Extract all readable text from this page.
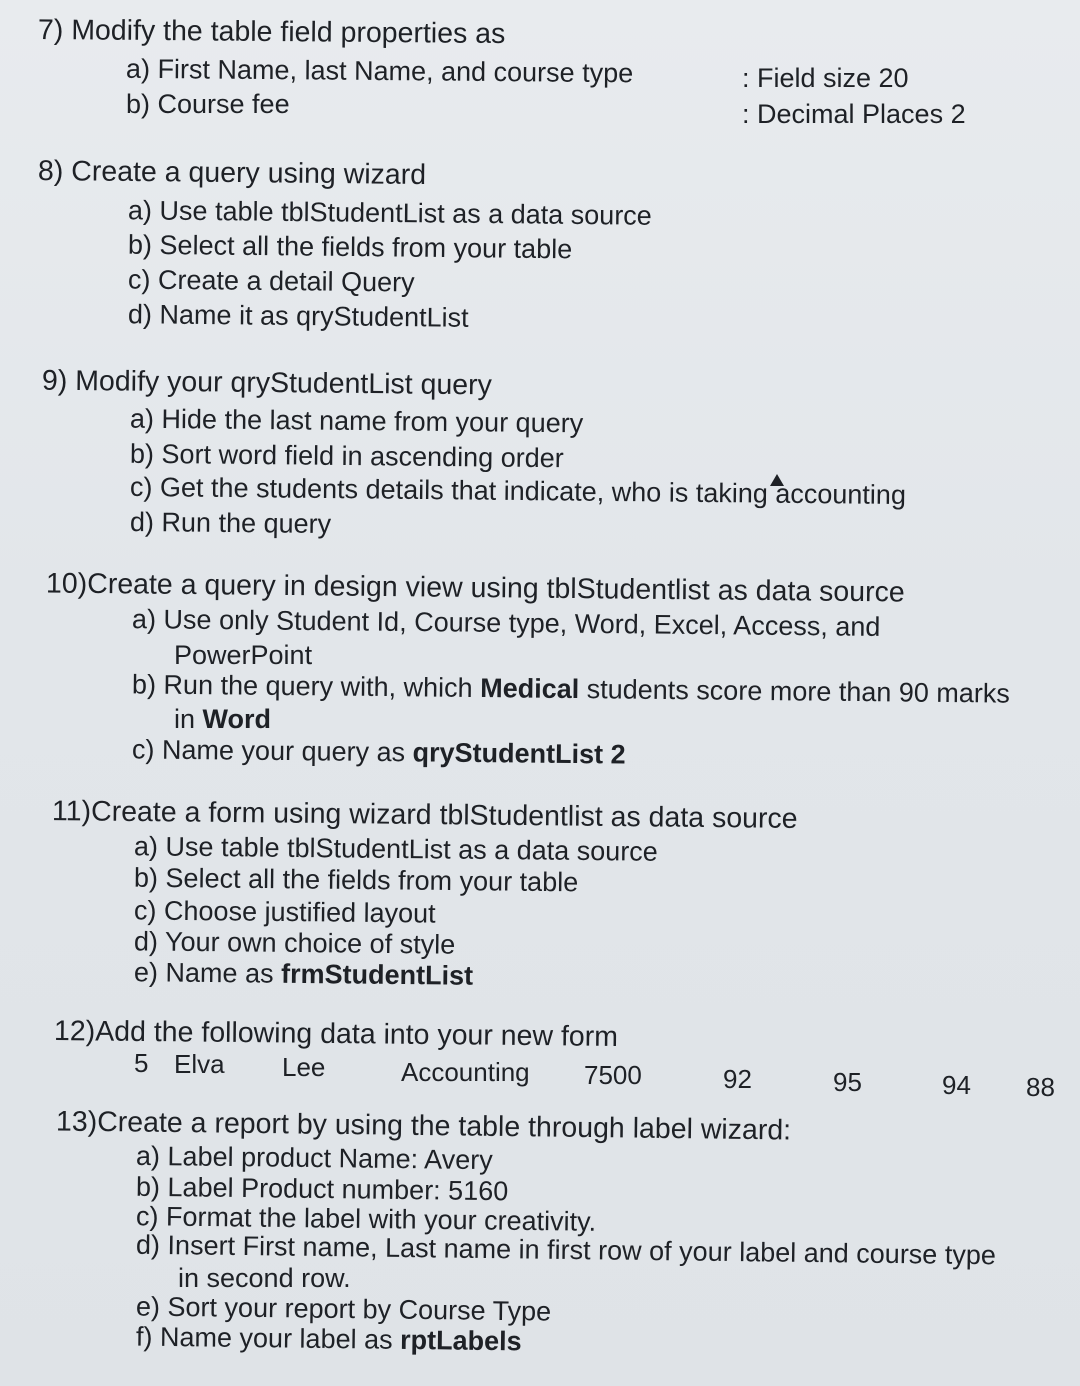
7) Modify the table field properties as
a) First Name, last Name, and course type	: Field size 20
b) Course fee	: Decimal Places 2
8) Create a query using wizard
a) Use table tblStudentList as a data source
b) Select all the fields from your table
c) Create a detail Query
d) Name it as qryStudentList
9) Modify your qryStudentList query
a) Hide the last name from your query
b) Sort word field in ascending order
c) Get the students details that indicate, who is taking accounting
d) Run the query
10)Create a query in design view using tblStudentlist as data source
a) Use only Student Id, Course type, Word, Excel, Access, and
PowerPoint
b) Run the query with, which Medical students score more than 90 marks
in Word
c) Name your query as qryStudentList 2
11)Create a form using wizard tblStudentlist as data source
a) Use table tblStudentList as a data source
b) Select all the fields from your table
c) Choose justified layout
d) Your own choice of style
e) Name as frmStudentList
12)Add the following data into your new form
5 Elva Lee	Accounting 7500	92	95	94 88
13)Create a report by using the table through label wizard:
a) Label product Name: Avery
b) Label Product number: 5160
c) Format the label with your creativity.
d) Insert First name, Last name in first row of your label and course type
in second row.
e) Sort your report by Course Type
f) Name your label as rptLabels
